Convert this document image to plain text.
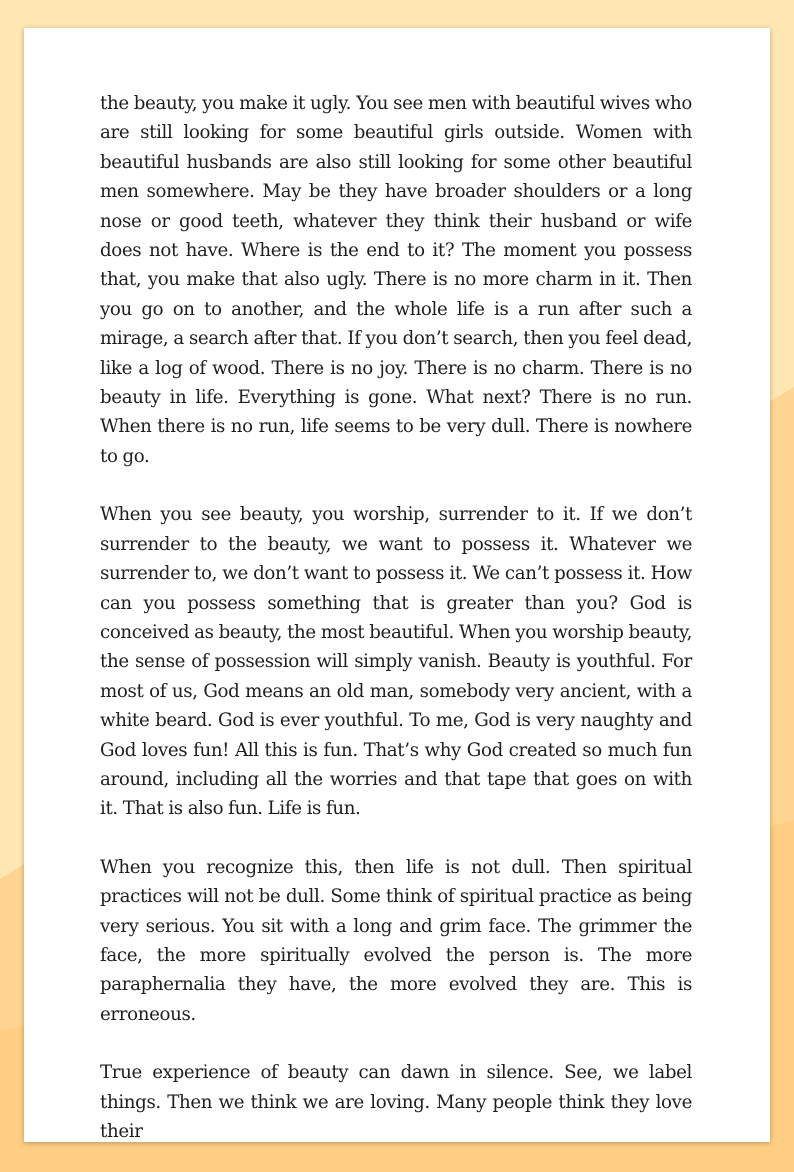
the beauty, you make it ugly. You see men with beautiful wives who are still looking for some beautiful girls outside. Women with beautiful husbands are also still looking for some other beautiful men somewhere. May be they have broader shoulders or a long nose or good teeth, whatever they think their husband or wife does not have. Where is the end to it? The moment you possess that, you make that also ugly. There is no more charm in it. Then you go on to another, and the whole life is a run after such a mirage, a search after that. If you don’t search, then you feel dead, like a log of wood. There is no joy. There is no charm. There is no beauty in life. Everything is gone. What next? There is no run. When there is no run, life seems to be very dull. There is nowhere to go.

When you see beauty, you worship, surrender to it. If we don’t surrender to the beauty, we want to possess it. Whatever we surrender to, we don’t want to possess it. We can’t possess it. How can you possess something that is greater than you? God is conceived as beauty, the most beautiful. When you worship beauty, the sense of possession will simply vanish. Beauty is youthful. For most of us, God means an old man, somebody very ancient, with a white beard. God is ever youthful. To me, God is very naughty and God loves fun! All this is fun. That’s why God created so much fun around, including all the worries and that tape that goes on with it. That is also fun. Life is fun.

When you recognize this, then life is not dull. Then spiritual practices will not be dull. Some think of spiritual practice as being very serious. You sit with a long and grim face. The grimmer the face, the more spiritually evolved the person is. The more paraphernalia they have, the more evolved they are. This is erroneous.

True experience of beauty can dawn in silence. See, we label things. Then we think we are loving. Many people think they love their
